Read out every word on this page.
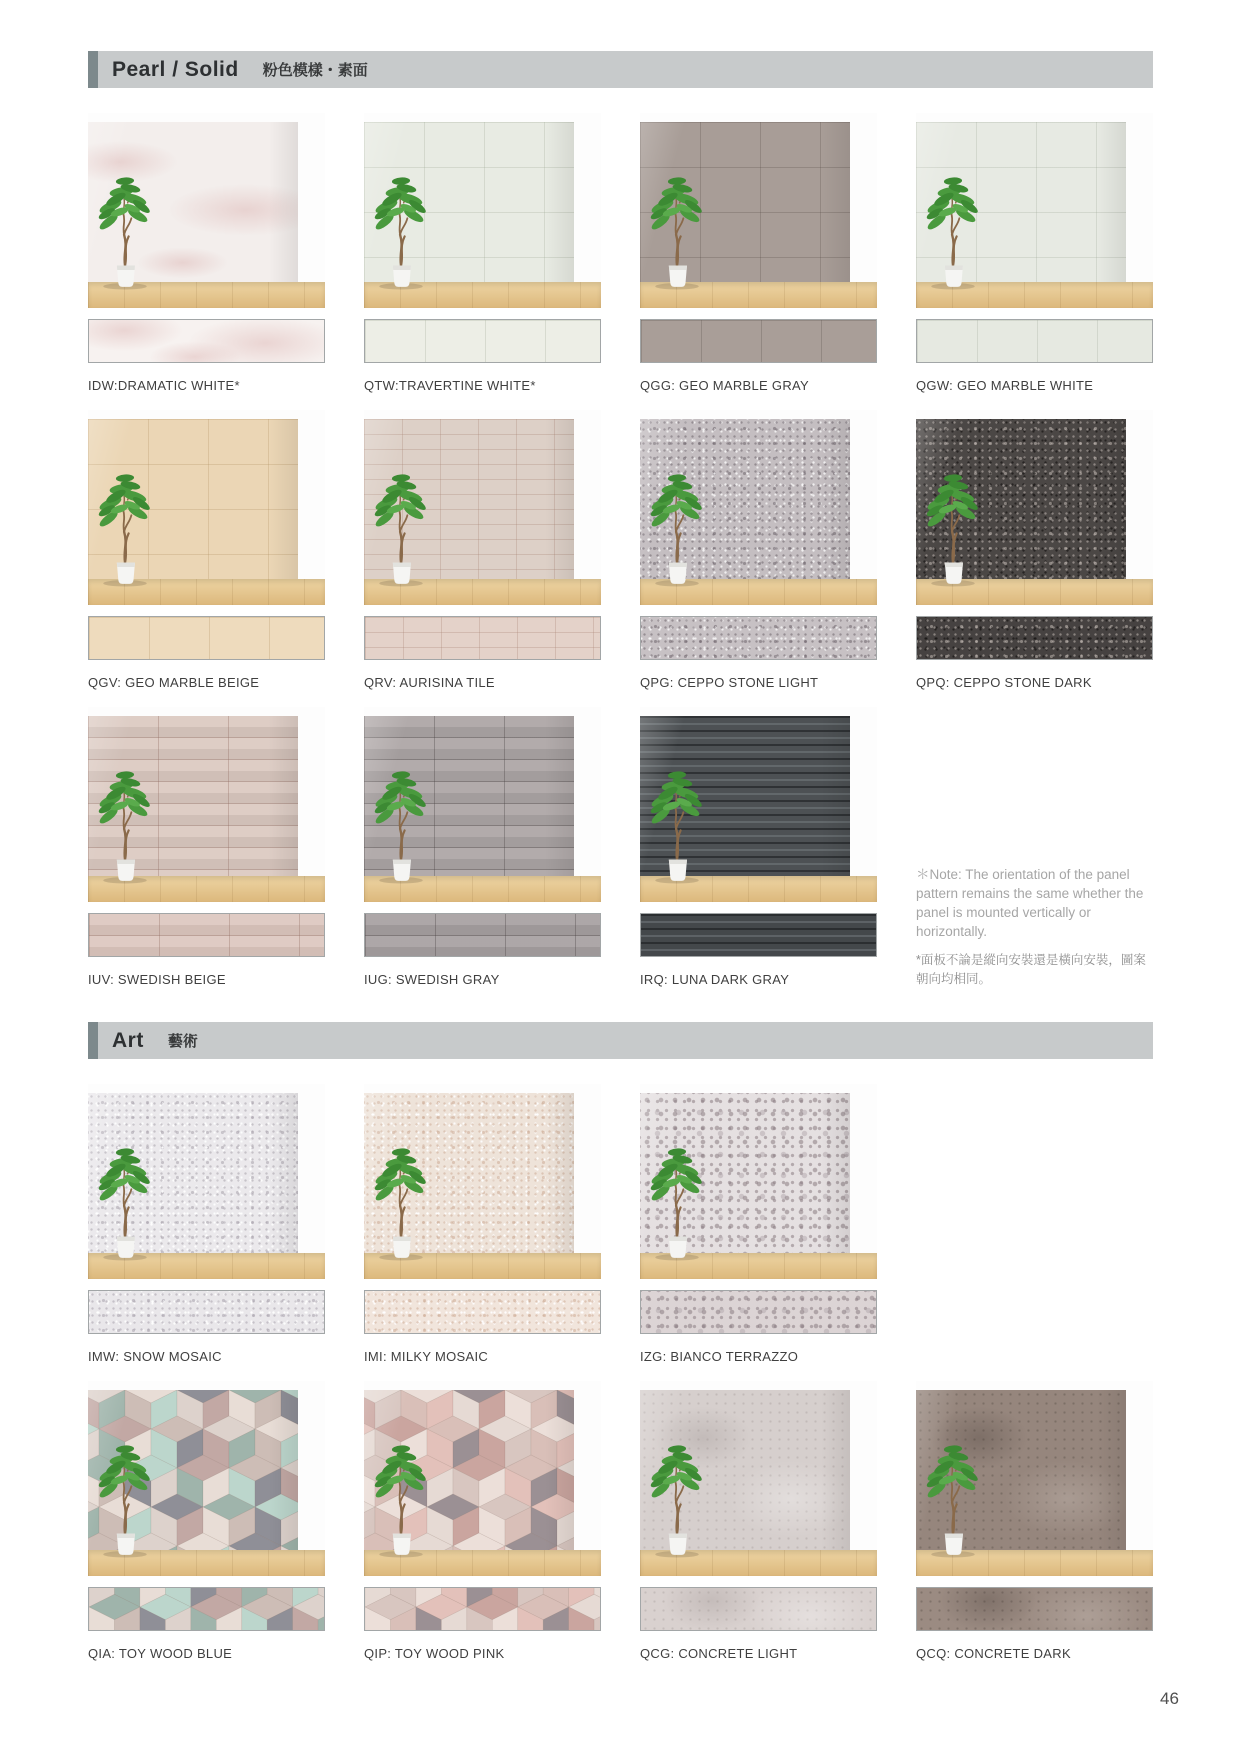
Pearl / Solid 粉色模樣・素面

＊Note: The orientation of the panel pattern remains the same whether the panel is mounted vertically or horizontally.

*面板不論是縱向安裝還是橫向安裝，圖案朝向均相同。

IDW:DRAMATIC WHITE*	QTW:TRAVERTINE WHITE*	QGG: GEO MARBLE GRAY	QGW: GEO MARBLE WHITE
QGV: GEO MARBLE BEIGE	QRV: AURISINA TILE	QPG: CEPPO STONE LIGHT	QPQ: CEPPO STONE DARK
IUV: SWEDISH BEIGE	IUG: SWEDISH GRAY	IRQ: LUNA DARK GRAY
Art 藝術
IMW: SNOW MOSAIC	IMI: MILKY MOSAIC	IZG: BIANCO TERRAZZO
QIA: TOY WOOD BLUE	QIP: TOY WOOD PINK	QCG: CONCRETE LIGHT	QCQ: CONCRETE DARK
46
